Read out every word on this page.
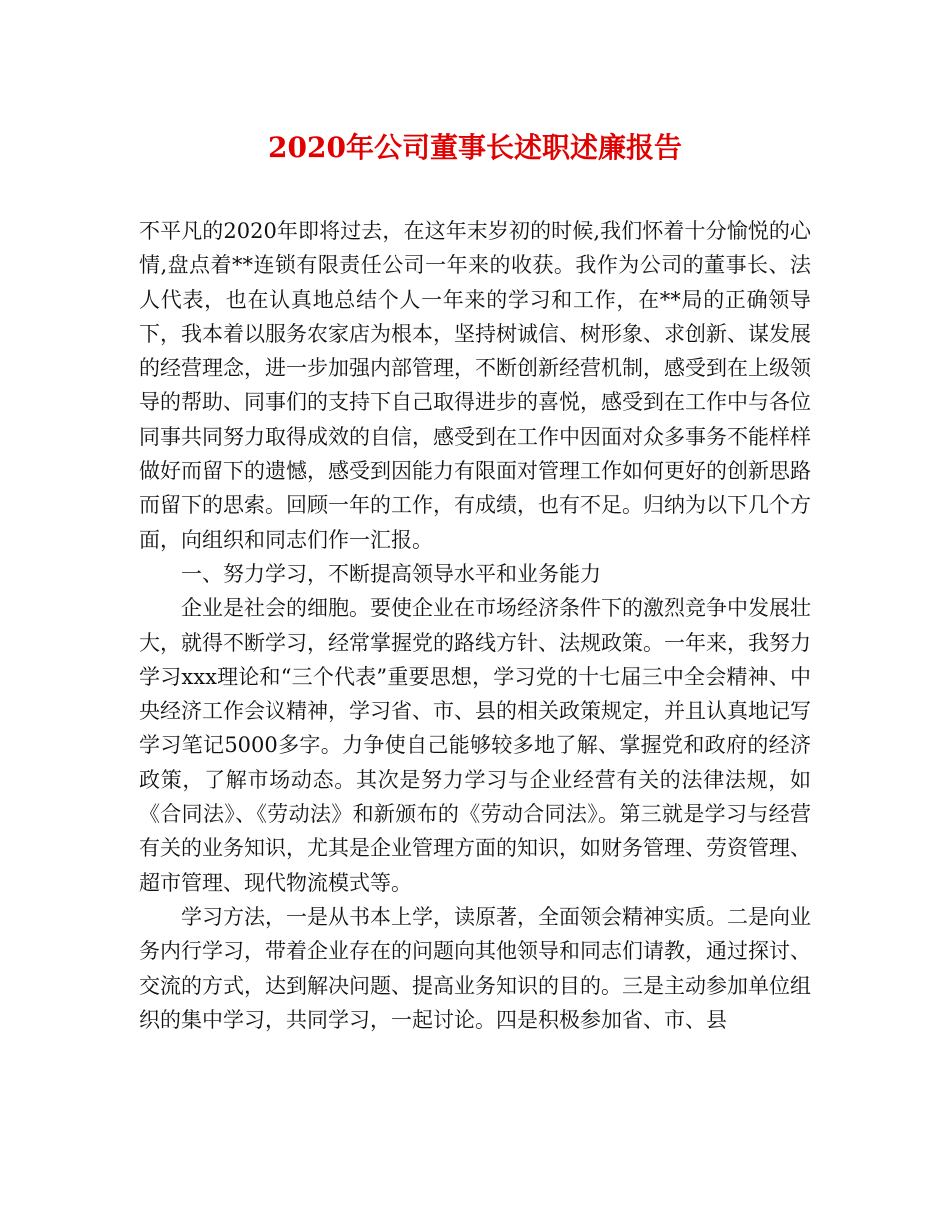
2020年公司董事长述职述廉报告

不平凡的2020年即将过去，在这年末岁初的时候,我们怀着十分愉悦的心情,盘点着**连锁有限责任公司一年来的收获。我作为公司的董事长、法人代表，也在认真地总结个人一年来的学习和工作，在**局的正确领导下，我本着以服务农家店为根本，坚持树诚信、树形象、求创新、谋发展的经营理念，进一步加强内部管理，不断创新经营机制，感受到在上级领导的帮助、同事们的支持下自己取得进步的喜悦，感受到在工作中与各位同事共同努力取得成效的自信，感受到在工作中因面对众多事务不能样样做好而留下的遗憾，感受到因能力有限面对管理工作如何更好的创新思路而留下的思索。回顾一年的工作，有成绩，也有不足。归纳为以下几个方面，向组织和同志们作一汇报。

一、努力学习，不断提高领导水平和业务能力

企业是社会的细胞。要使企业在市场经济条件下的激烈竞争中发展壮大，就得不断学习，经常掌握党的路线方针、法规政策。一年来，我努力学习xxx理论和“三个代表”重要思想，学习党的十七届三中全会精神、中央经济工作会议精神，学习省、市、县的相关政策规定，并且认真地记写学习笔记5000多字。力争使自己能够较多地了解、掌握党和政府的经济政策，了解市场动态。其次是努力学习与企业经营有关的法律法规，如《合同法》、《劳动法》和新颁布的《劳动合同法》。第三就是学习与经营有关的业务知识，尤其是企业管理方面的知识，如财务管理、劳资管理、超市管理、现代物流模式等。

学习方法，一是从书本上学，读原著，全面领会精神实质。二是向业务内行学习，带着企业存在的问题向其他领导和同志们请教，通过探讨、交流的方式，达到解决问题、提高业务知识的目的。三是主动参加单位组织的集中学习，共同学习，一起讨论。四是积极参加省、市、县
